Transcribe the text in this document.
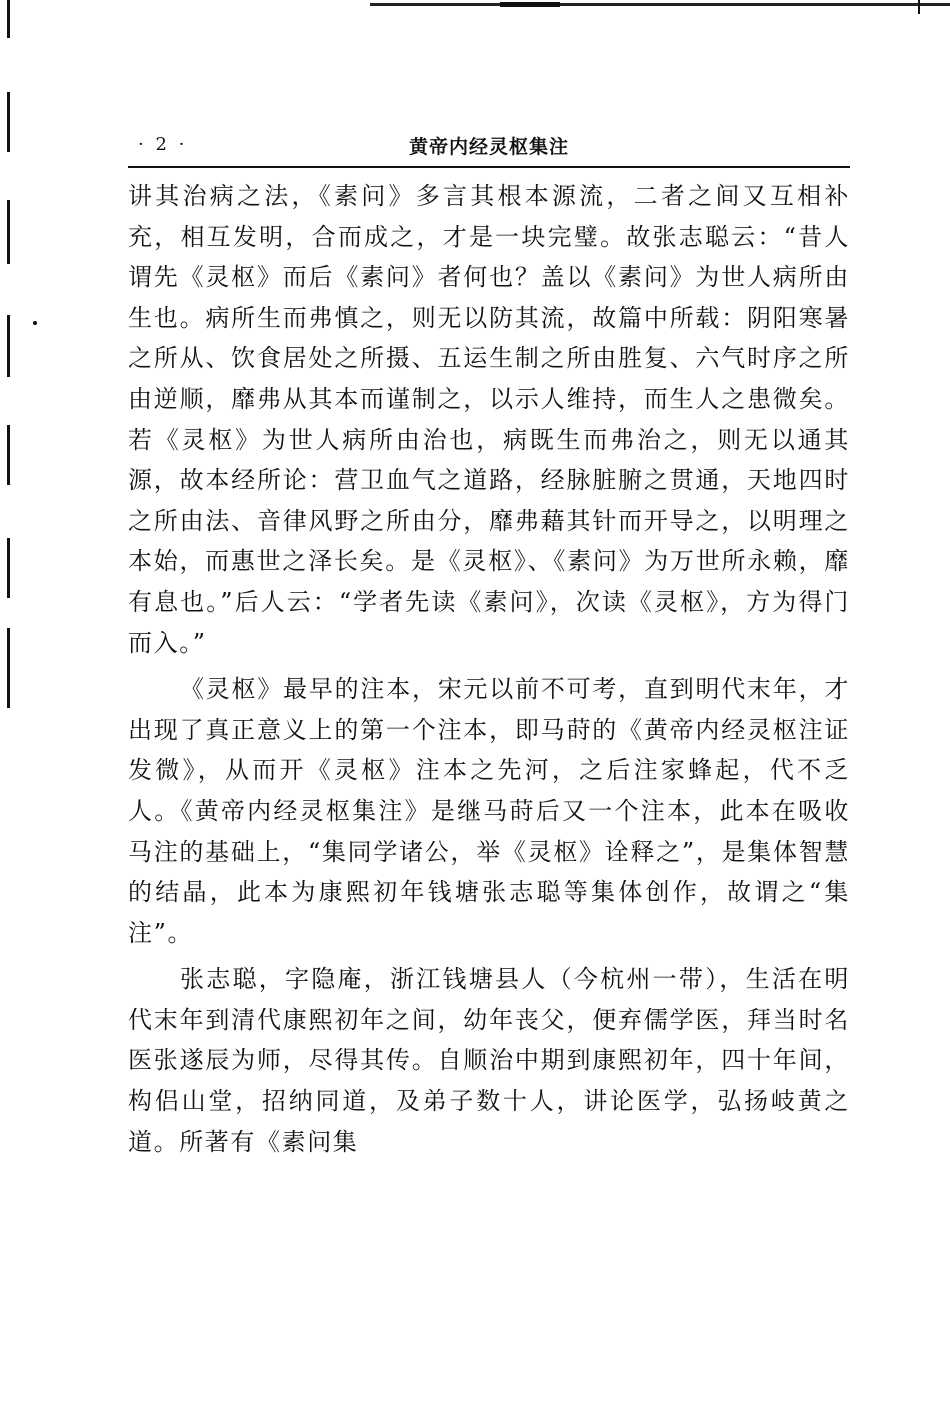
· 2 ·	黄帝内经灵枢集注

讲其治病之法，《素问》多言其根本源流，二者之间又互相补充，相互发明，合而成之，才是一块完璧。故张志聪云：“昔人谓先《灵枢》而后《素问》者何也？盖以《素问》为世人病所由生也。病所生而弗慎之，则无以防其流，故篇中所载：阴阳寒暑之所从、饮食居处之所摄、五运生制之所由胜复、六气时序之所由逆顺，靡弗从其本而谨制之，以示人维持，而生人之患微矣。若《灵枢》为世人病所由治也，病既生而弗治之，则无以通其源，故本经所论：营卫血气之道路，经脉脏腑之贯通，天地四时之所由法、音律风野之所由分，靡弗藉其针而开导之，以明理之本始，而惠世之泽长矣。是《灵枢》、《素问》为万世所永赖，靡有息也。”后人云：“学者先读《素问》，次读《灵枢》，方为得门而入。”

《灵枢》最早的注本，宋元以前不可考，直到明代末年，才出现了真正意义上的第一个注本，即马莳的《黄帝内经灵枢注证发微》，从而开《灵枢》注本之先河，之后注家蜂起，代不乏人。《黄帝内经灵枢集注》是继马莳后又一个注本，此本在吸收马注的基础上，“集同学诸公，举《灵枢》诠释之”，是集体智慧的结晶，此本为康熙初年钱塘张志聪等集体创作，故谓之“集注”。

张志聪，字隐庵，浙江钱塘县人（今杭州一带），生活在明代末年到清代康熙初年之间，幼年丧父，便弃儒学医，拜当时名医张遂辰为师，尽得其传。自顺治中期到康熙初年，四十年间，构侣山堂，招纳同道，及弟子数十人，讲论医学，弘扬岐黄之道。所著有《素问集
